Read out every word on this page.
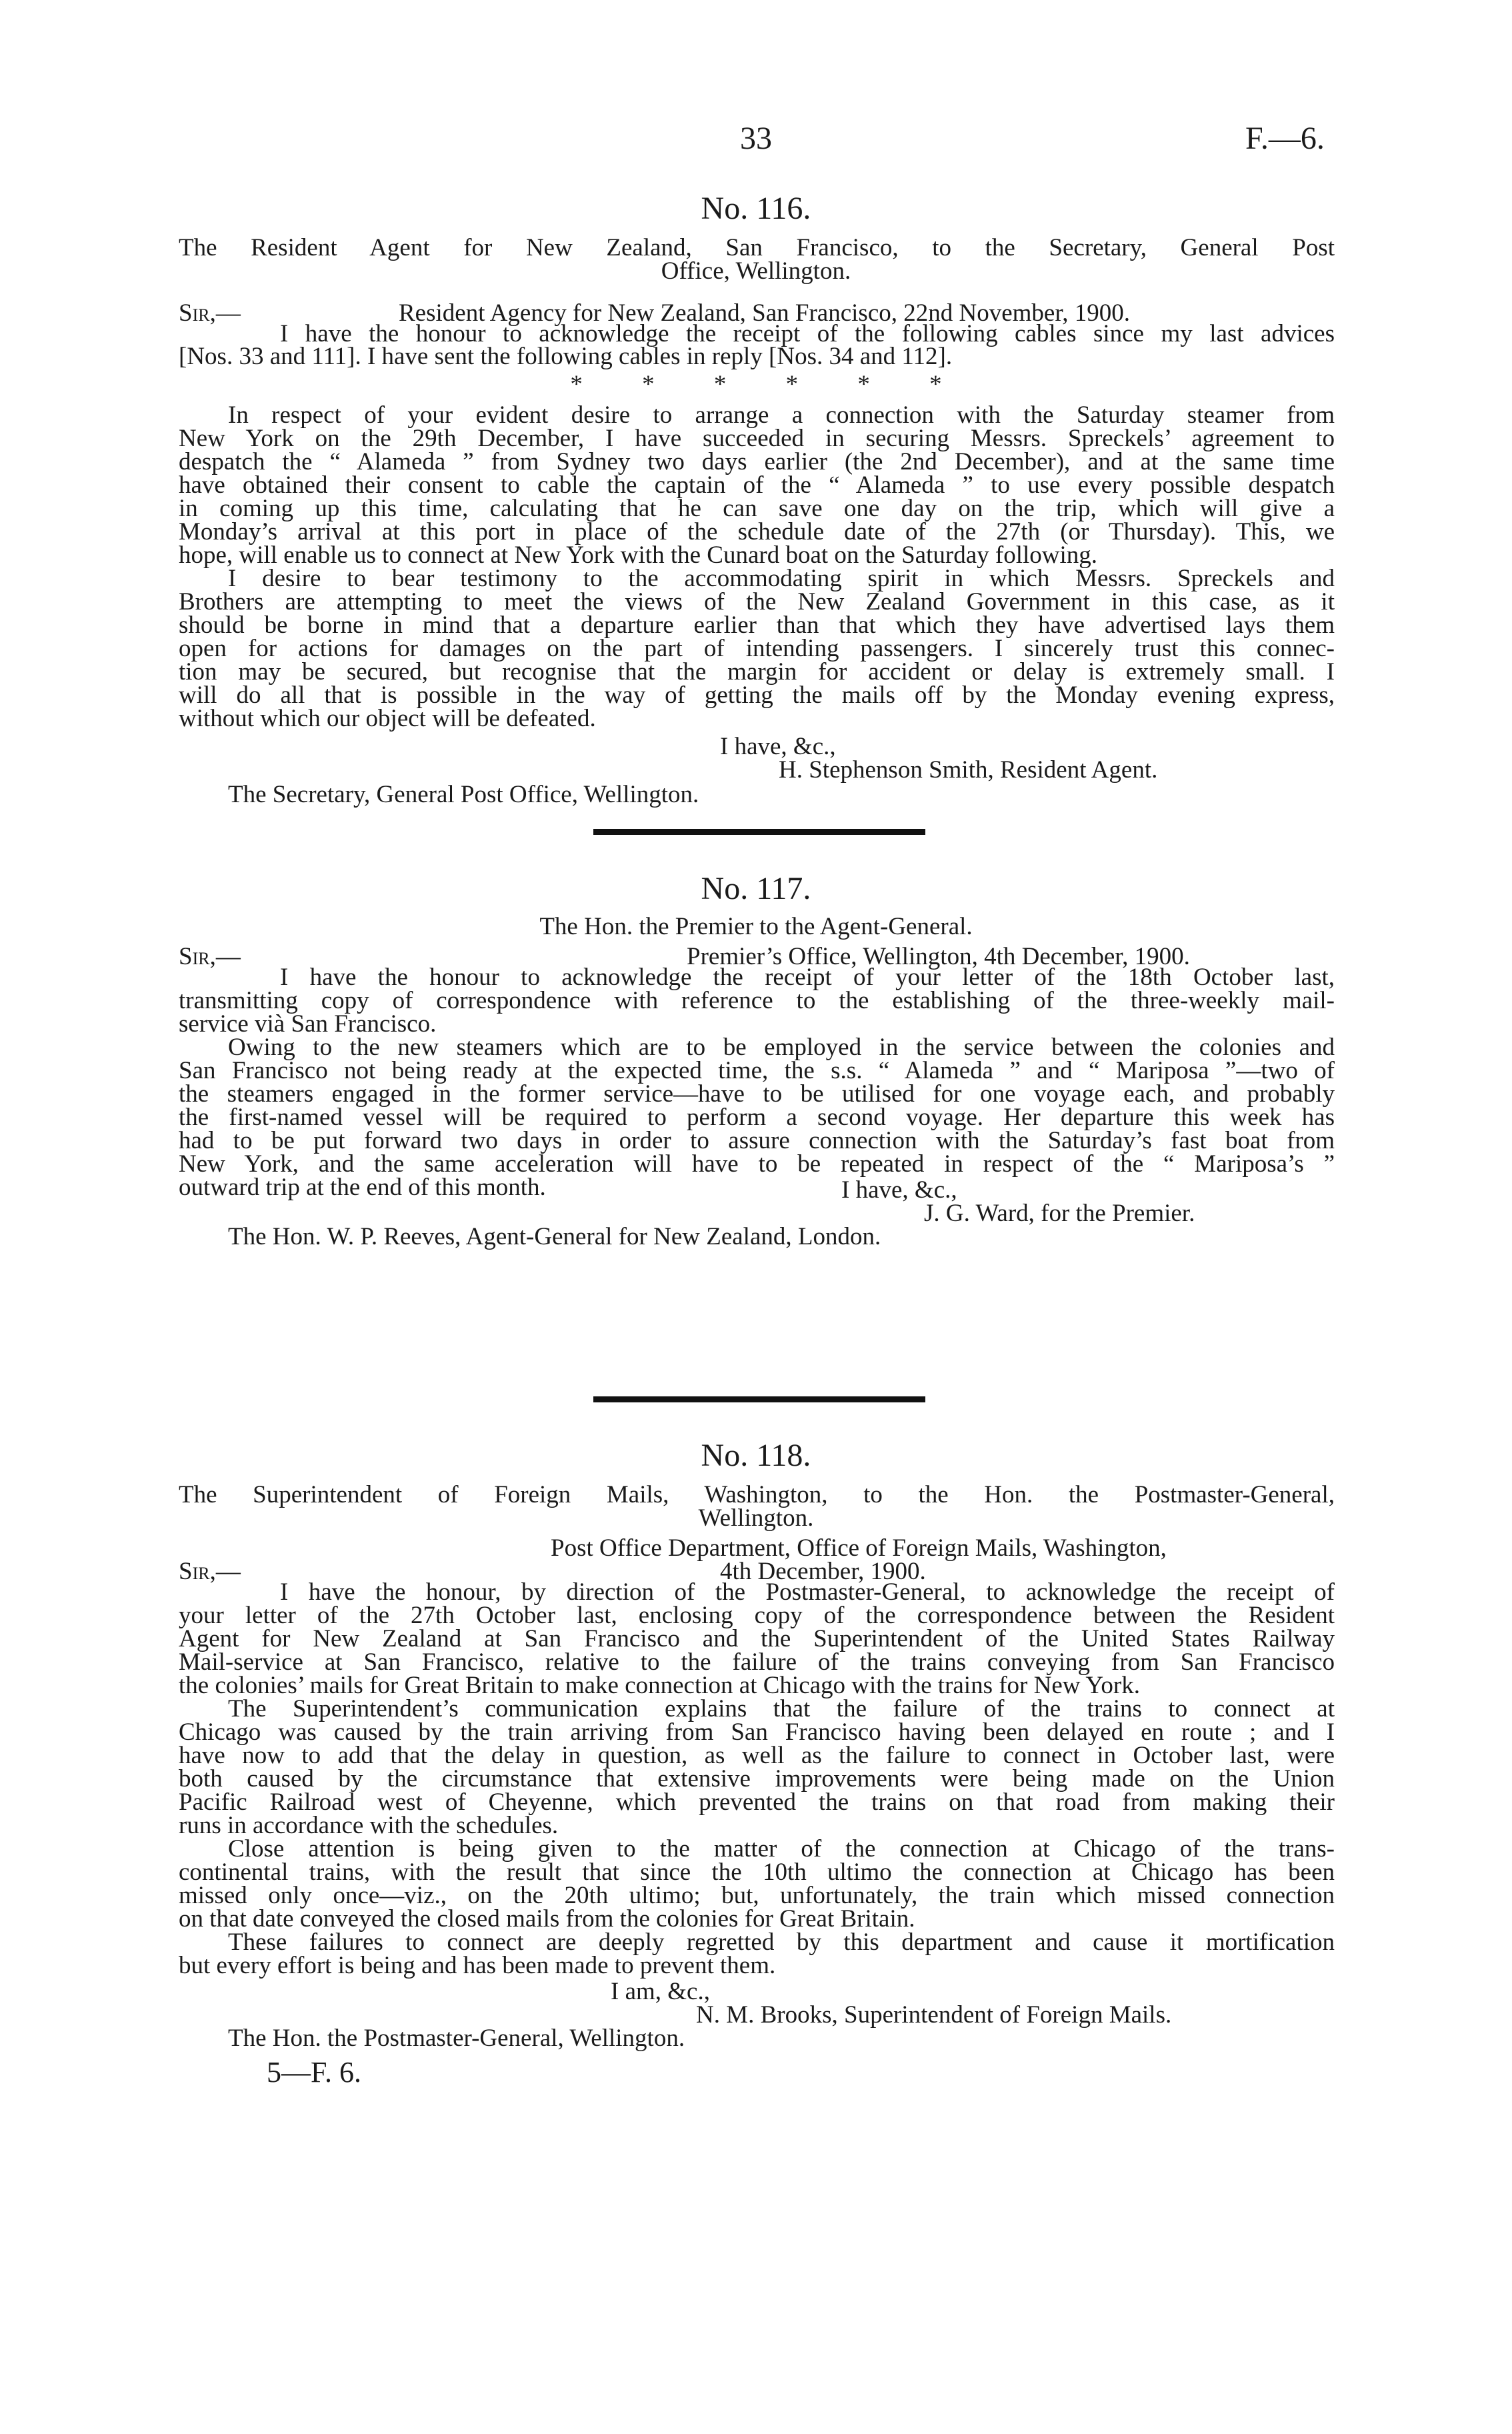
33	F.—6.
No. 116.
The Resident Agent for New Zealand, San Francisco, to the Secretary, General Post
Office, Wellington.
Sir,—	Resident Agency for New Zealand, San Francisco, 22nd November, 1900.
I have the honour to acknowledge the receipt of the following cables since my last advices
[Nos. 33 and 111]. I have sent the following cables in reply [Nos. 34 and 112].
* * * * * *
In respect of your evident desire to arrange a connection with the Saturday steamer from
New York on the 29th December, I have succeeded in securing Messrs. Spreckels’ agreement to
despatch the “ Alameda ” from Sydney two days earlier (the 2nd December), and at the same time
have obtained their consent to cable the captain of the “ Alameda ” to use every possible despatch
in coming up this time, calculating that he can save one day on the trip, which will give a
Monday’s arrival at this port in place of the schedule date of the 27th (or Thursday). This, we
hope, will enable us to connect at New York with the Cunard boat on the Saturday following.
I desire to bear testimony to the accommodating spirit in which Messrs. Spreckels and
Brothers are attempting to meet the views of the New Zealand Government in this case, as it
should be borne in mind that a departure earlier than that which they have advertised lays them
open for actions for damages on the part of intending passengers. I sincerely trust this connec-
tion may be secured, but recognise that the margin for accident or delay is extremely small. I
will do all that is possible in the way of getting the mails off by the Monday evening express,
without which our object will be defeated.
I have, &c.,
H. Stephenson Smith, Resident Agent.
The Secretary, General Post Office, Wellington.
No. 117.
The Hon. the Premier to the Agent-General.
Sir,—	Premier’s Office, Wellington, 4th December, 1900.
I have the honour to acknowledge the receipt of your letter of the 18th October last,
transmitting copy of correspondence with reference to the establishing of the three-weekly mail-
service vià San Francisco.
Owing to the new steamers which are to be employed in the service between the colonies and
San Francisco not being ready at the expected time, the s.s. “ Alameda ” and “ Mariposa ”—two of
the steamers engaged in the former service—have to be utilised for one voyage each, and probably
the first-named vessel will be required to perform a second voyage. Her departure this week has
had to be put forward two days in order to assure connection with the Saturday’s fast boat from
New York, and the same acceleration will have to be repeated in respect of the “ Mariposa’s ”
outward trip at the end of this month.	I have, &c.,
J. G. Ward, for the Premier.
The Hon. W. P. Reeves, Agent-General for New Zealand, London.
No. 118.
The Superintendent of Foreign Mails, Washington, to the Hon. the Postmaster-General,
Wellington.
Post Office Department, Office of Foreign Mails, Washington,
Sir,—	4th December, 1900.
I have the honour, by direction of the Postmaster-General, to acknowledge the receipt of
your letter of the 27th October last, enclosing copy of the correspondence between the Resident
Agent for New Zealand at San Francisco and the Superintendent of the United States Railway
Mail-service at San Francisco, relative to the failure of the trains conveying from San Francisco
the colonies’ mails for Great Britain to make connection at Chicago with the trains for New York.
The Superintendent’s communication explains that the failure of the trains to connect at
Chicago was caused by the train arriving from San Francisco having been delayed en route ; and I
have now to add that the delay in question, as well as the failure to connect in October last, were
both caused by the circumstance that extensive improvements were being made on the Union
Pacific Railroad west of Cheyenne, which prevented the trains on that road from making their
runs in accordance with the schedules.
Close attention is being given to the matter of the connection at Chicago of the trans-
continental trains, with the result that since the 10th ultimo the connection at Chicago has been
missed only once—viz., on the 20th ultimo; but, unfortunately, the train which missed connection
on that date conveyed the closed mails from the colonies for Great Britain.
These failures to connect are deeply regretted by this department and cause it mortification
but every effort is being and has been made to prevent them.
I am, &c.,
N. M. Brooks, Superintendent of Foreign Mails.
The Hon. the Postmaster-General, Wellington.
5—F. 6.
